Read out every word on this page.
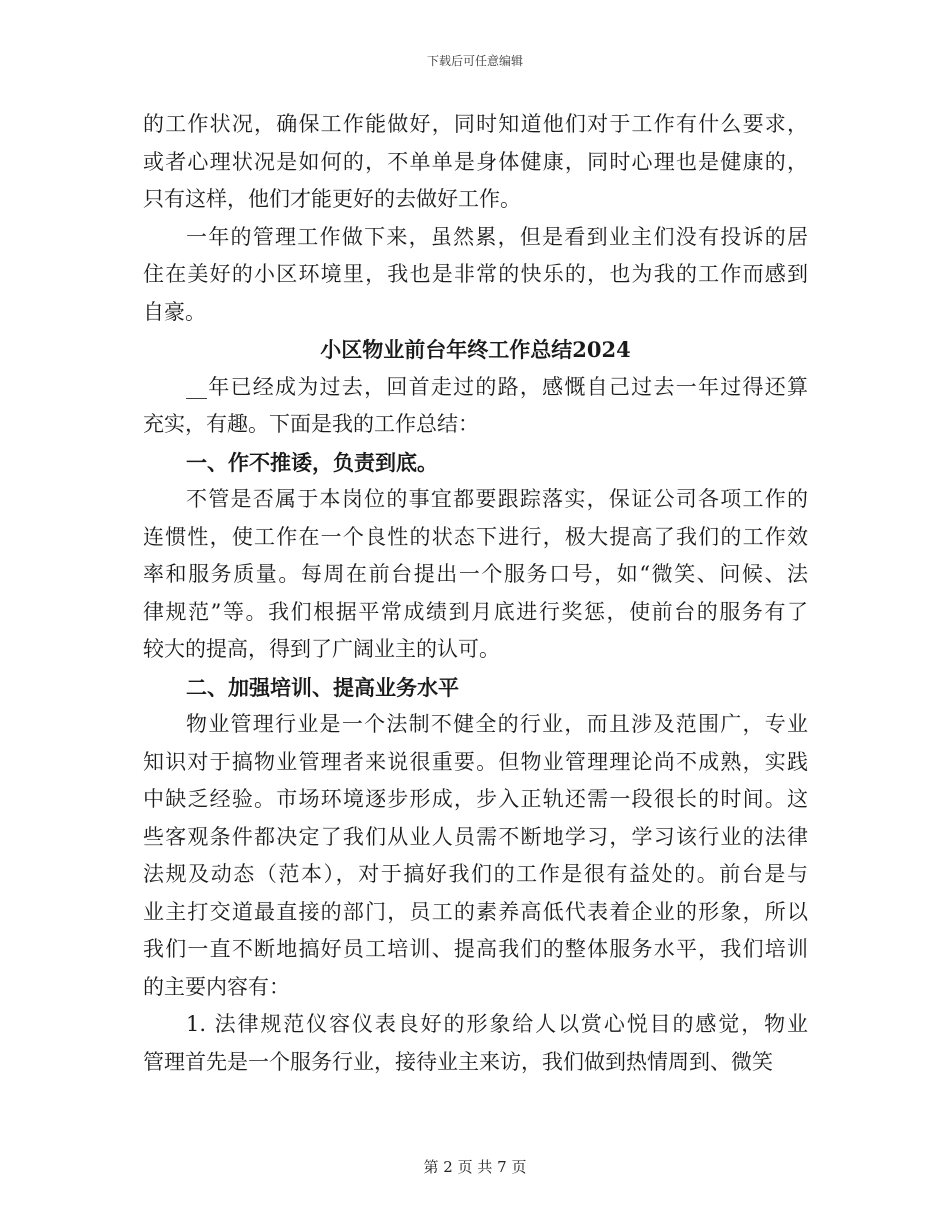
下载后可任意编辑
的工作状况，确保工作能做好，同时知道他们对于工作有什么要求，
或者心理状况是如何的，不单单是身体健康，同时心理也是健康的，
只有这样，他们才能更好的去做好工作。
一年的管理工作做下来，虽然累，但是看到业主们没有投诉的居
住在美好的小区环境里，我也是非常的快乐的，也为我的工作而感到
自豪。
小区物业前台年终工作总结2024
__年已经成为过去，回首走过的路，感慨自己过去一年过得还算
充实，有趣。下面是我的工作总结：
一、作不推诿，负责到底。
不管是否属于本岗位的事宜都要跟踪落实，保证公司各项工作的
连惯性，使工作在一个良性的状态下进行，极大提高了我们的工作效
率和服务质量。每周在前台提出一个服务口号，如“微笑、问候、法
律规范”等。我们根据平常成绩到月底进行奖惩，使前台的服务有了
较大的提高，得到了广阔业主的认可。
二、加强培训、提高业务水平
物业管理行业是一个法制不健全的行业，而且涉及范围广，专业
知识对于搞物业管理者来说很重要。但物业管理理论尚不成熟，实践
中缺乏经验。市场环境逐步形成，步入正轨还需一段很长的时间。这
些客观条件都决定了我们从业人员需不断地学习，学习该行业的法律
法规及动态（范本），对于搞好我们的工作是很有益处的。前台是与
业主打交道最直接的部门，员工的素养高低代表着企业的形象，所以
我们一直不断地搞好员工培训、提高我们的整体服务水平，我们培训
的主要内容有：
1. 法律规范仪容仪表良好的形象给人以赏心悦目的感觉，物业
管理首先是一个服务行业，接待业主来访，我们做到热情周到、微笑
第 2 页 共 7 页
